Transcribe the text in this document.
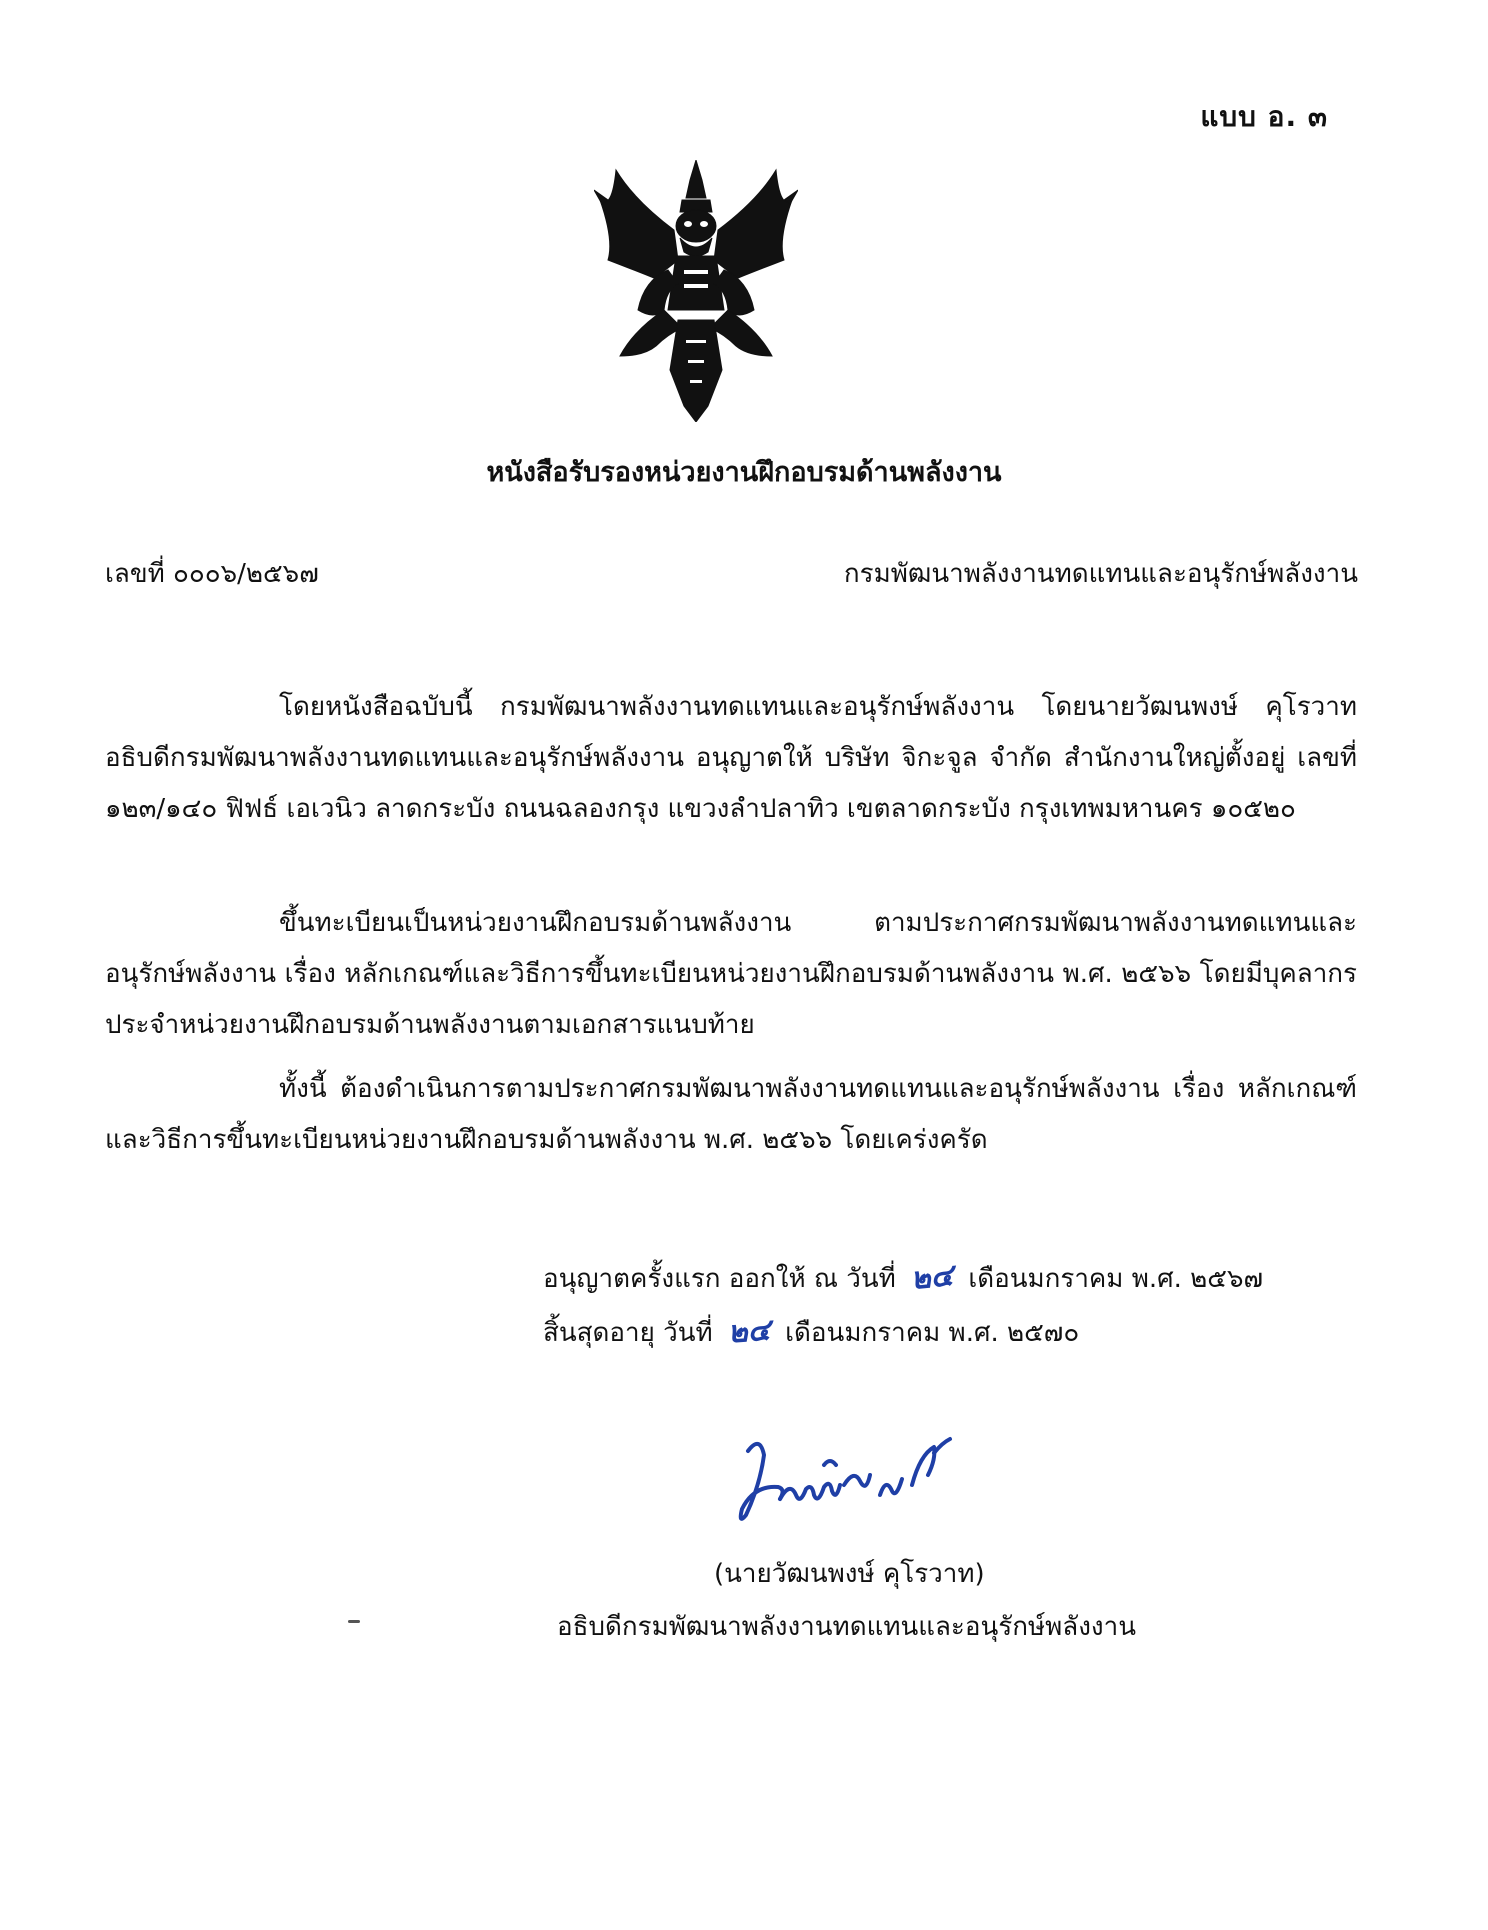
แบบ อ. ๓
หนังสือรับรองหน่วยงานฝึกอบรมด้านพลังงาน
เลขที่ ๐๐๐๖/๒๕๖๗	กรมพัฒนาพลังงานทดแทนและอนุรักษ์พลังงาน

โดยหนังสือฉบับนี้ กรมพัฒนาพลังงานทดแทนและอนุรักษ์พลังงาน โดยนายวัฒนพงษ์ คุโรวาท อธิบดีกรมพัฒนาพลังงานทดแทนและอนุรักษ์พลังงาน อนุญาตให้ บริษัท จิกะจูล จำกัด สำนักงานใหญ่ตั้งอยู่ เลขที่ ๑๒๓/๑๔๐ ฟิฟธ์ เอเวนิว ลาดกระบัง ถนนฉลองกรุง แขวงลำปลาทิว เขตลาดกระบัง กรุงเทพมหานคร ๑๐๕๒๐

ขึ้นทะเบียนเป็นหน่วยงานฝึกอบรมด้านพลังงาน ตามประกาศกรมพัฒนาพลังงานทดแทนและ อนุรักษ์พลังงาน เรื่อง หลักเกณฑ์และวิธีการขึ้นทะเบียนหน่วยงานฝึกอบรมด้านพลังงาน พ.ศ. ๒๕๖๖ โดยมีบุคลากรประจำหน่วยงานฝึกอบรมด้านพลังงานตามเอกสารแนบท้าย

ทั้งนี้ ต้องดำเนินการตามประกาศกรมพัฒนาพลังงานทดแทนและอนุรักษ์พลังงาน เรื่อง หลักเกณฑ์และวิธีการขึ้นทะเบียนหน่วยงานฝึกอบรมด้านพลังงาน พ.ศ. ๒๕๖๖ โดยเคร่งครัด

อนุญาตครั้งแรก ออกให้ ณ วันที่ ๒๔ เดือนมกราคม พ.ศ. ๒๕๖๗
สิ้นสุดอายุ วันที่ ๒๔ เดือนมกราคม พ.ศ. ๒๕๗๐
(นายวัฒนพงษ์ คุโรวาท)
อธิบดีกรมพัฒนาพลังงานทดแทนและอนุรักษ์พลังงาน
